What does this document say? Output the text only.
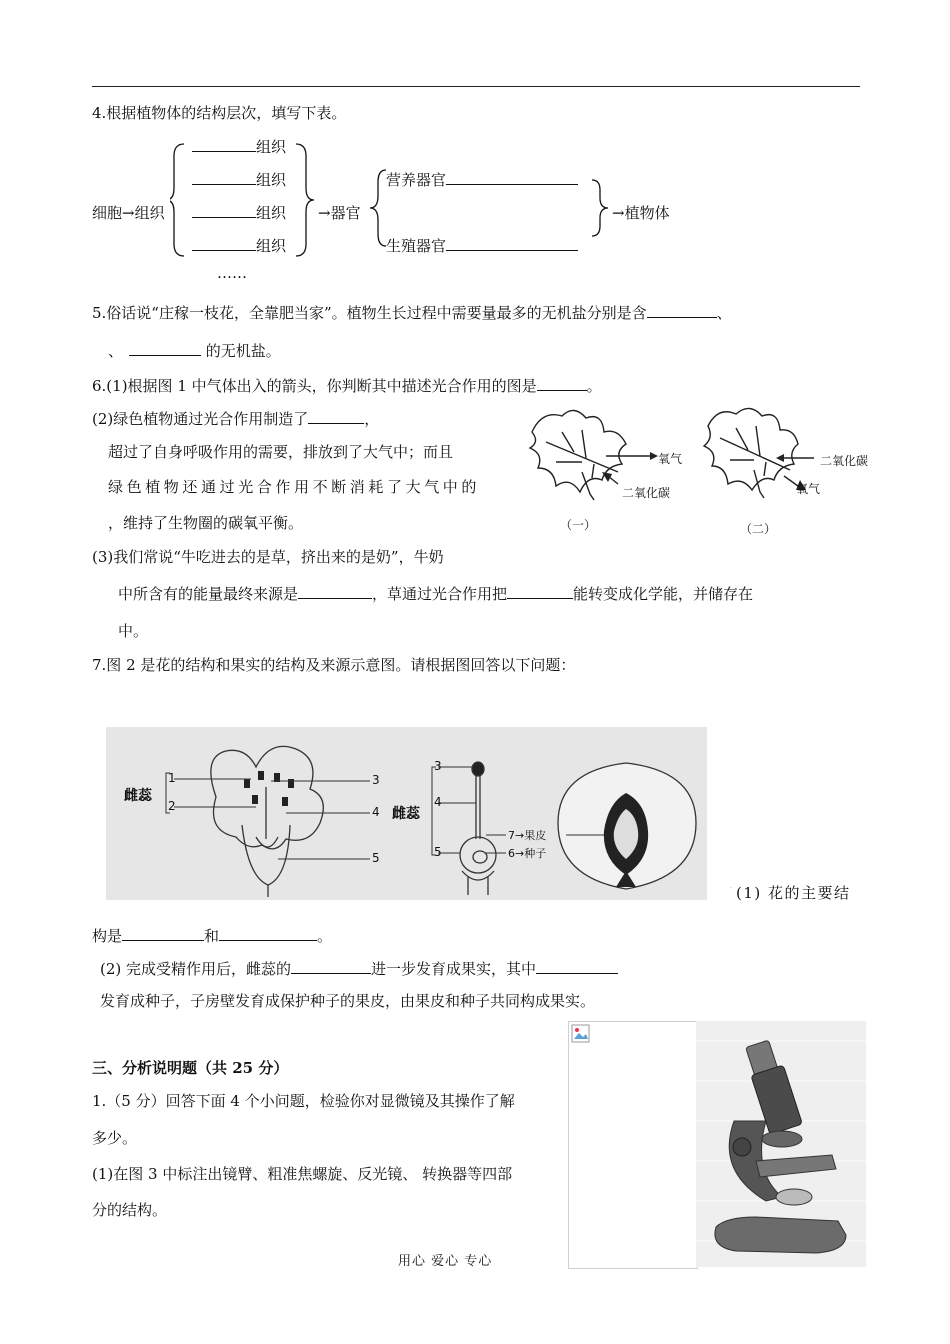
4.根据植物体的结构层次，填写下表。
细胞→组织
组织
组织
组织
组织
……
→器官
营养器官
生殖器官
→植物体
5.俗话说“庄稼一枝花，全靠肥当家”。植物生长过程中需要量最多的无机盐分别是含	、
、	的无机盐。
6.(1)根据图 1 中气体出入的箭头，你判断其中描述光合作用的图是	。
(2)绿色植物通过光合作用制造了	，
超过了自身呼吸作用的需要，排放到了大气中；而且
绿色植物还通过光合作用不断消耗了大气中的
，维持了生物圈的碳氧平衡。
(3)我们常说“牛吃进去的是草，挤出来的是奶”，牛奶
中所含有的能量最终来源是	，草通过光合作用把	能转变成化学能，并储存在
中。
氧气
二氧化碳
二氧化碳
氧气
（一）	（二）
7.图 2 是花的结构和果实的结构及来源示意图。请根据图回答以下问题：
雌蕊
1
2
3
4
5
雌蕊
3
4
5
7→果皮
6→种子
. (1) 花的主要结
构是	和	。
(2) 完成受精作用后，雌蕊的	进一步发育成果实，其中
发育成种子，子房壁发育成保护种子的果皮，由果皮和种子共同构成果实。
三、分析说明题（共 25 分）
1.（5 分）回答下面 4 个小问题，检验你对显微镜及其操作了解
多少。
(1)在图 3 中标注出镜臂、粗准焦螺旋、反光镜、 转换器等四部
分的结构。
用心 爱心 专心
